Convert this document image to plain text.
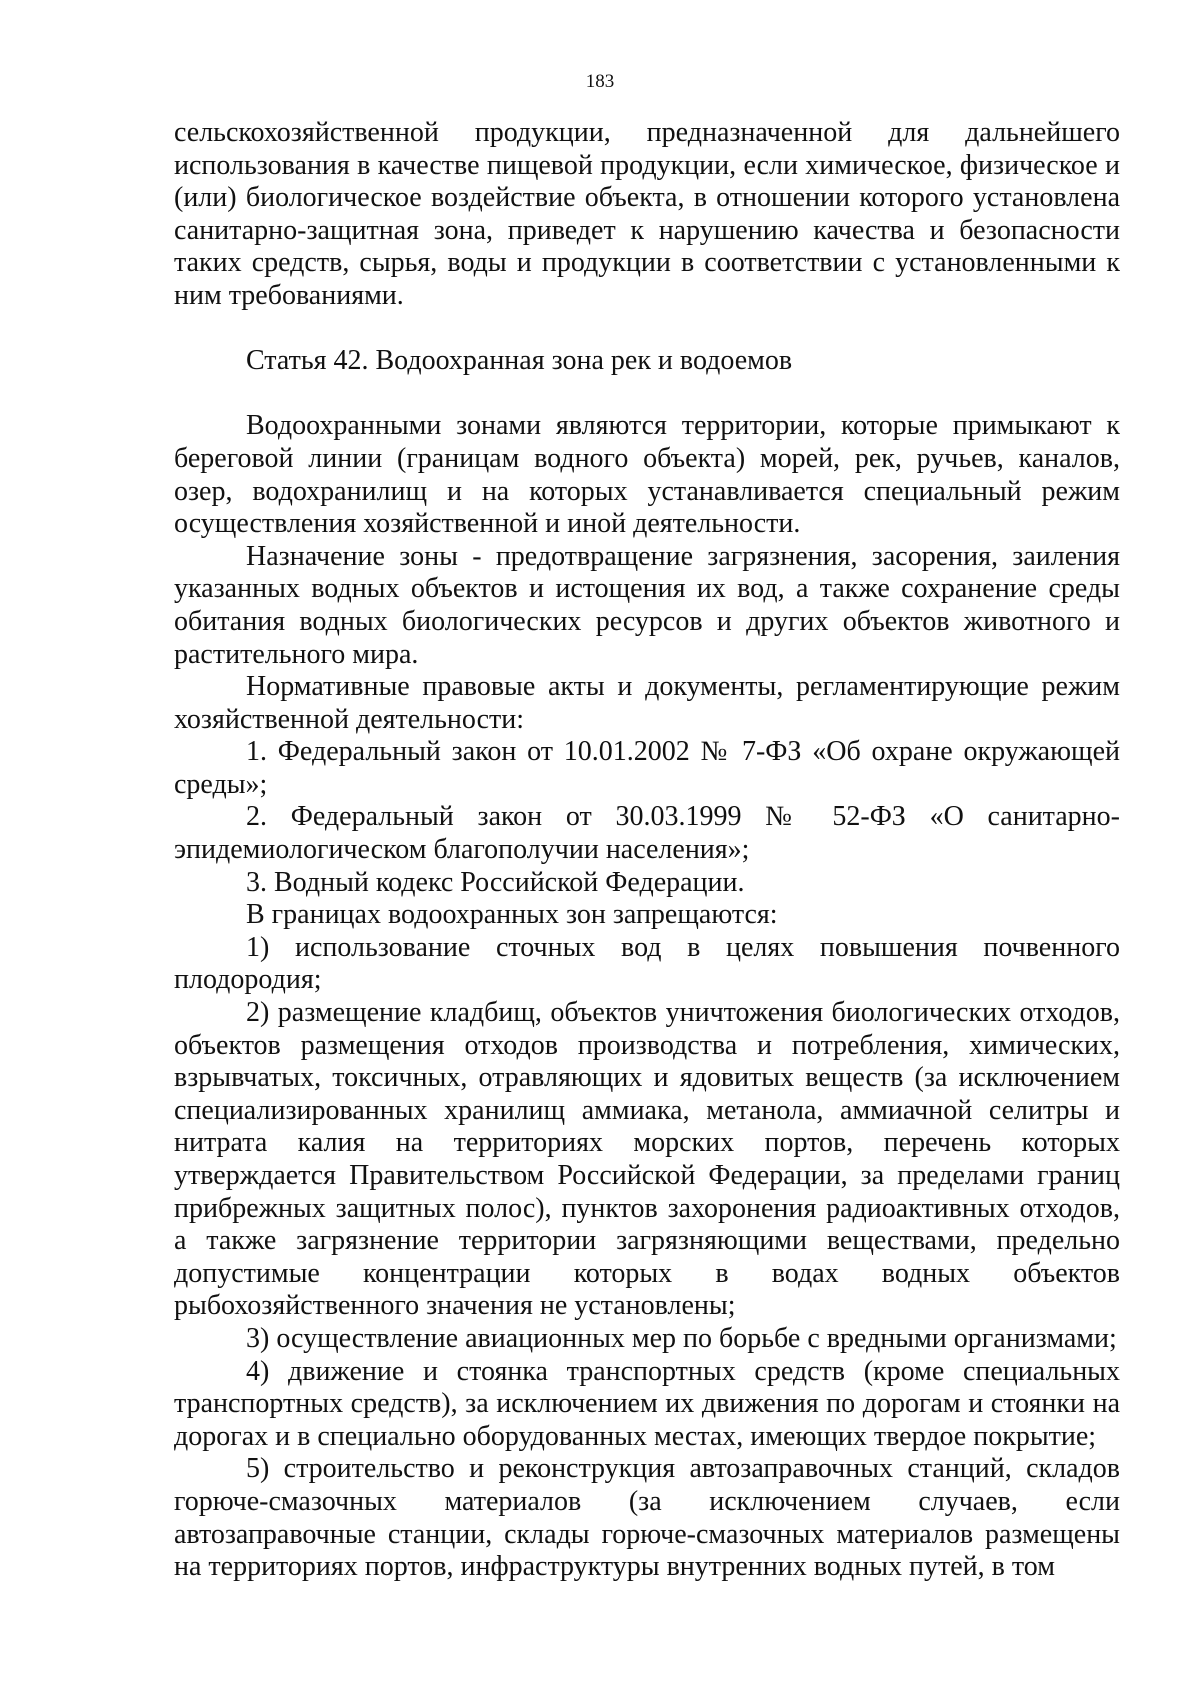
183

сельскохозяйственной продукции, предназначенной для дальнейшего использования в качестве пищевой продукции, если химическое, физическое и (или) биологическое воздействие объекта, в отношении которого установлена санитарно-защитная зона, приведет к нарушению качества и безопасности таких средств, сырья, воды и продукции в соответствии с установленными к ним требованиями.

Статья 42. Водоохранная зона рек и водоемов

Водоохранными зонами являются территории, которые примыкают к береговой линии (границам водного объекта) морей, рек, ручьев, каналов, озер, водохранилищ и на которых устанавливается специальный режим осуществления хозяйственной и иной деятельности.

Назначение зоны - предотвращение загрязнения, засорения, заиления указанных водных объектов и истощения их вод, а также сохранение среды обитания водных биологических ресурсов и других объектов животного и растительного мира.

Нормативные правовые акты и документы, регламентирующие режим хозяйственной деятельности:

1. Федеральный закон от 10.01.2002 № 7-ФЗ «Об охране окружающей среды»;

2. Федеральный закон от 30.03.1999 № 52-ФЗ «О санитарно-эпидемиологическом благополучии населения»;

3. Водный кодекс Российской Федерации.

В границах водоохранных зон запрещаются:

1) использование сточных вод в целях повышения почвенного плодородия;

2) размещение кладбищ, объектов уничтожения биологических отходов, объектов размещения отходов производства и потребления, химических, взрывчатых, токсичных, отравляющих и ядовитых веществ (за исключением специализированных хранилищ аммиака, метанола, аммиачной селитры и нитрата калия на территориях морских портов, перечень которых утверждается Правительством Российской Федерации, за пределами границ прибрежных защитных полос), пунктов захоронения радиоактивных отходов, а также загрязнение территории загрязняющими веществами, предельно допустимые концентрации которых в водах водных объектов рыбохозяйственного значения не установлены;

3) осуществление авиационных мер по борьбе с вредными организмами;

4) движение и стоянка транспортных средств (кроме специальных транспортных средств), за исключением их движения по дорогам и стоянки на дорогах и в специально оборудованных местах, имеющих твердое покрытие;

5) строительство и реконструкция автозаправочных станций, складов горюче-смазочных материалов (за исключением случаев, если автозаправочные станции, склады горюче-смазочных материалов размещены на территориях портов, инфраструктуры внутренних водных путей, в том
